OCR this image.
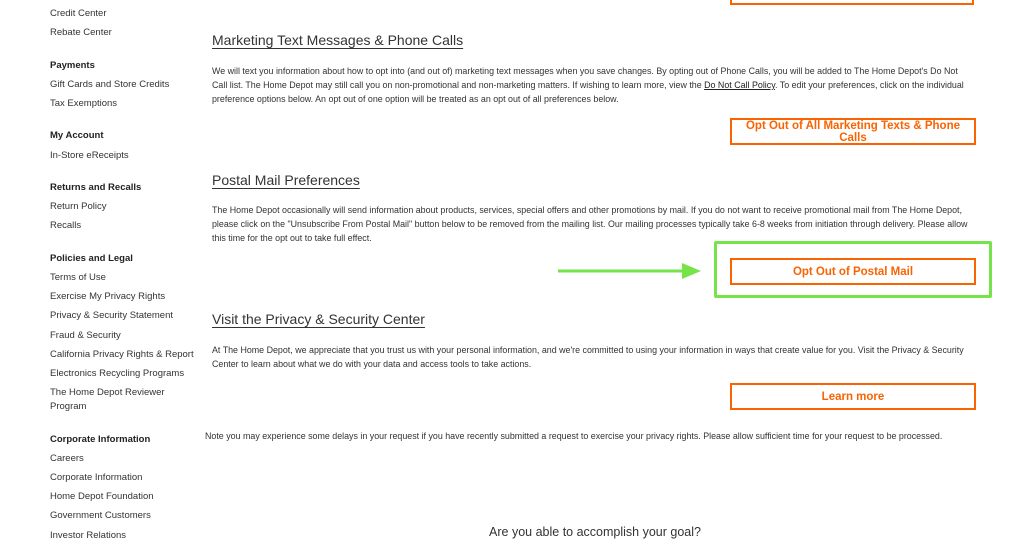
Credit Center
Rebate Center
Payments
Gift Cards and Store Credits
Tax Exemptions
My Account
In-Store eReceipts
Returns and Recalls
Return Policy
Recalls
Policies and Legal
Terms of Use
Exercise My Privacy Rights
Privacy & Security Statement
Fraud & Security
California Privacy Rights & Report
Electronics Recycling Programs
The Home Depot Reviewer Program
Corporate Information
Careers
Corporate Information
Home Depot Foundation
Government Customers
Investor Relations
Marketing Text Messages & Phone Calls
We will text you information about how to opt into (and out of) marketing text messages when you save changes. By opting out of Phone Calls, you will be added to The Home Depot's Do Not Call list. The Home Depot may still call you on non-promotional and non-marketing matters. If wishing to learn more, view the Do Not Call Policy. To edit your preferences, click on the individual preference options below. An opt out of one option will be treated as an opt out of all preferences below.
Opt Out of All Marketing Texts & Phone Calls
Postal Mail Preferences
The Home Depot occasionally will send information about products, services, special offers and other promotions by mail. If you do not want to receive promotional mail from The Home Depot, please click on the "Unsubscribe From Postal Mail" button below to be removed from the mailing list. Our mailing processes typically take 6-8 weeks from initiation through delivery. Please allow this time for the opt out to take full effect.
Opt Out of Postal Mail
Visit the Privacy & Security Center
At The Home Depot, we appreciate that you trust us with your personal information, and we're committed to using your information in ways that create value for you. Visit the Privacy & Security Center to learn about what we do with your data and access tools to take actions.
Learn more
Note you may experience some delays in your request if you have recently submitted a request to exercise your privacy rights. Please allow sufficient time for your request to be processed.
Are you able to accomplish your goal?
